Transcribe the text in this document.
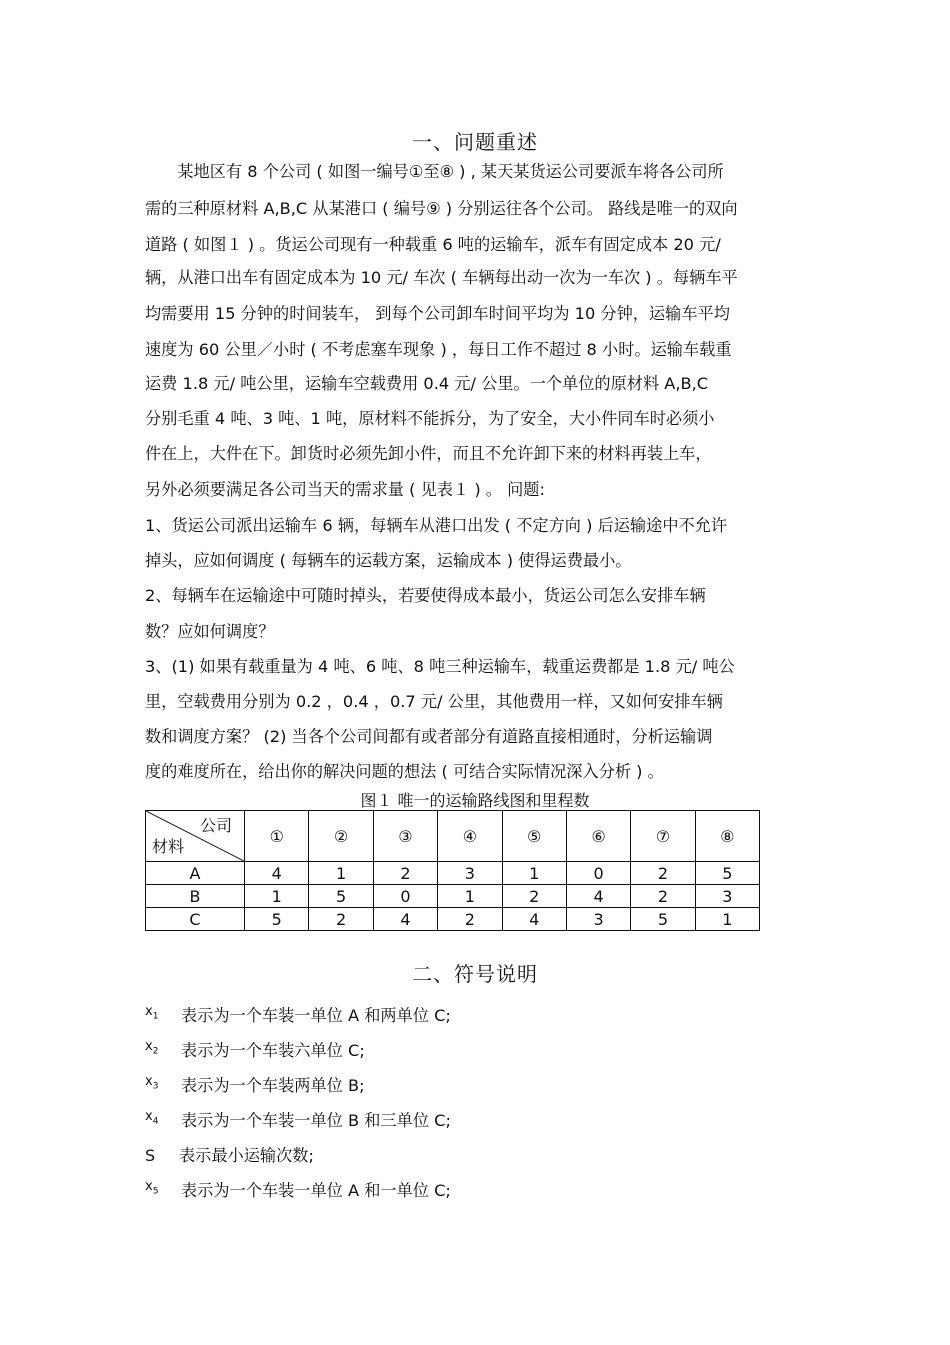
一、问题重述
　　某地区有 8 个公司 ( 如图一编号①至⑧ ) , 某天某货运公司要派车将各公司所
需的三种原材料 A,B,C 从某港口 ( 编号⑨ ) 分别运往各个公司。 路线是唯一的双向
道路 ( 如图１ ) 。货运公司现有一种载重 6 吨的运输车，派车有固定成本 20 元/
辆，从港口出车有固定成本为 10 元/ 车次 ( 车辆每出动一次为一车次 ) 。每辆车平
均需要用 15 分钟的时间装车， 到每个公司卸车时间平均为 10 分钟，运输车平均
速度为 60 公里／小时 ( 不考虑塞车现象 ) ，每日工作不超过 8 小时。运输车载重
运费 1.8 元/ 吨公里，运输车空载费用 0.4 元/ 公里。一个单位的原材料 A,B,C
分别毛重 4 吨、3 吨、1 吨，原材料不能拆分，为了安全，大小件同车时必须小
件在上，大件在下。卸货时必须先卸小件，而且不允许卸下来的材料再装上车，
另外必须要满足各公司当天的需求量 ( 见表１ ) 。 问题:
1、货运公司派出运输车 6 辆，每辆车从港口出发 ( 不定方向 ) 后运输途中不允许
掉头，应如何调度 ( 每辆车的运载方案，运输成本 ) 使得运费最小。
2、每辆车在运输途中可随时掉头，若要使得成本最小，货运公司怎么安排车辆
数？应如何调度？
3、(1) 如果有载重量为 4 吨、6 吨、8 吨三种运输车，载重运费都是 1.8 元/ 吨公
里，空载费用分别为 0.2 ，0.4 ，0.7 元/ 公里，其他费用一样，又如何安排车辆
数和调度方案？ (2) 当各个公司间都有或者部分有道路直接相通时，分析运输调
度的难度所在，给出你的解决问题的想法 ( 可结合实际情况深入分析 ) 。
图１ 唯一的运输路线图和里程数
公司
材料	①	②	③	④	⑤	⑥	⑦	⑧
A	4	1	2	3	1	0	2	5
B	1	5	0	1	2	4	2	3
C	5	2	4	2	4	3	5	1
二、符号说明
$x_1$ 表示为一个车装一单位 A 和两单位 C;
$x_2$ 表示为一个车装六单位 C;
$x_3$ 表示为一个车装两单位 B;
$x_4$ 表示为一个车装一单位 B 和三单位 C;
S 表示最小运输次数;
$x_5$ 表示为一个车装一单位 A 和一单位 C;
